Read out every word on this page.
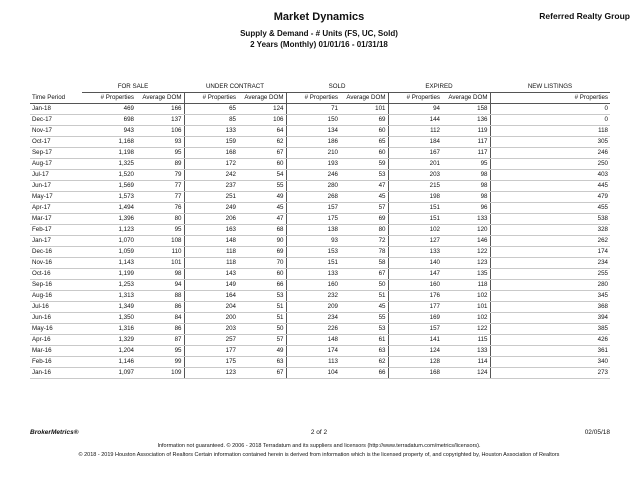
Market Dynamics	Referred Realty Group
Supply & Demand - # Units (FS, UC, Sold)
2 Years (Monthly) 01/01/16 - 01/31/18
	FOR SALE		UNDER CONTRACT		SOLD		EXPIRED		NEW LISTINGS
Time Period	# Properties	Average DOM	# Properties	Average DOM	# Properties	Average DOM	# Properties	Average DOM	# Properties
Jan-18	469	166	65	124	71	101	94	158	0
Dec-17	698	137	85	106	150	69	144	136	0
Nov-17	943	106	133	64	134	60	112	119	118
Oct-17	1,168	93	159	62	186	65	184	117	305
Sep-17	1,198	95	168	67	210	60	167	117	246
Aug-17	1,325	89	172	60	193	59	201	95	250
Jul-17	1,520	79	242	54	246	53	203	98	403
Jun-17	1,569	77	237	55	280	47	215	98	445
May-17	1,573	77	251	49	268	45	198	98	479
Apr-17	1,494	76	249	45	157	57	151	96	455
Mar-17	1,396	80	206	47	175	69	151	133	538
Feb-17	1,123	95	163	68	138	80	102	120	328
Jan-17	1,070	108	148	90	93	72	127	146	262
Dec-16	1,059	110	118	69	153	78	133	122	174
Nov-16	1,143	101	118	70	151	58	140	123	234
Oct-16	1,199	98	143	60	133	67	147	135	255
Sep-16	1,253	94	149	66	160	50	160	118	280
Aug-16	1,313	88	164	53	232	51	176	102	345
Jul-16	1,349	86	204	51	209	45	177	101	368
Jun-16	1,350	84	200	51	234	55	169	102	394
May-16	1,316	86	203	50	226	53	157	122	385
Apr-16	1,329	87	257	57	148	61	141	115	426
Mar-16	1,204	95	177	49	174	63	124	133	361
Feb-16	1,146	99	175	63	113	62	128	114	340
Jan-16	1,097	109	123	67	104	66	168	124	273
BrokerMetrics®	2 of 2	02/05/18
Information not guaranteed. © 2006 - 2018 Terradatum and its suppliers and licensors (http://www.terradatum.com/metrics/licensors).
© 2018 - 2019 Houston Association of Realtors Certain information contained herein is derived from information which is the licensed property of, and copyrighted by, Houston Association of Realtors
